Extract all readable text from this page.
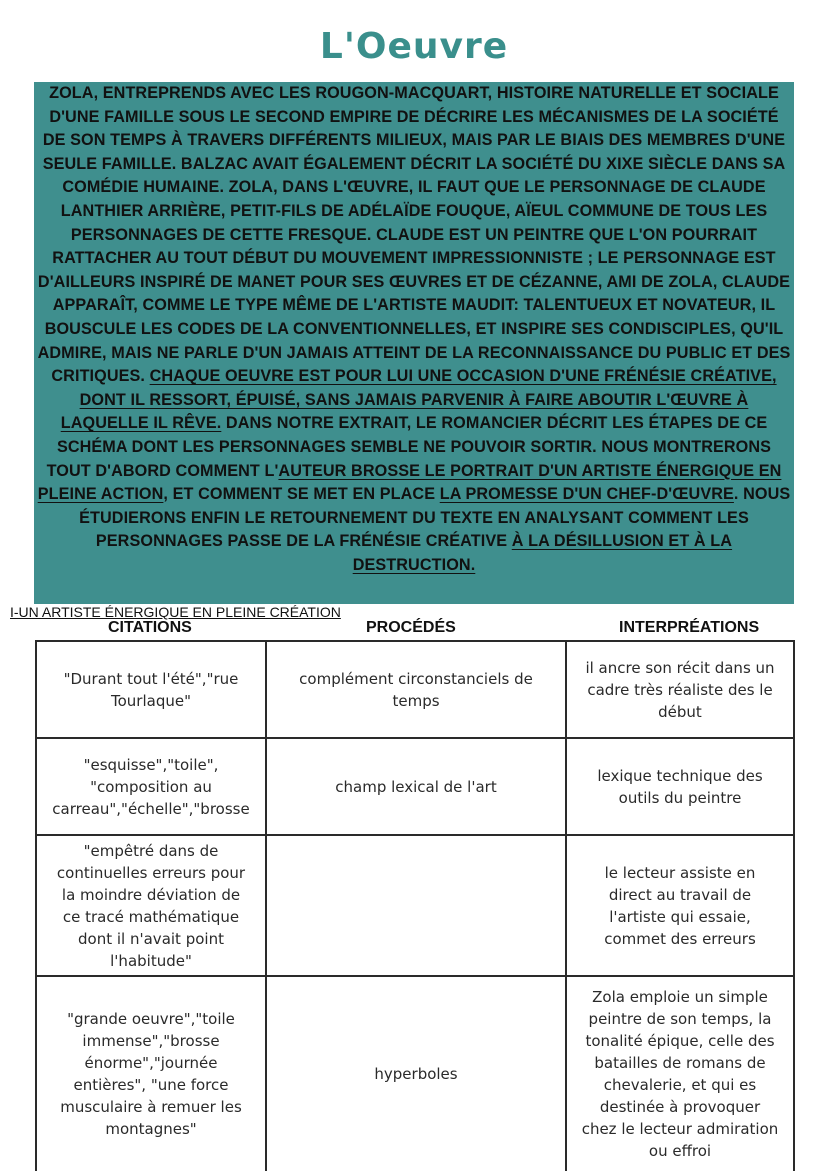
L'Oeuvre
ZOLA, ENTREPRENDS AVEC LES ROUGON-MACQUART, HISTOIRE NATURELLE ET SOCIALE D'UNE FAMILLE SOUS LE SECOND EMPIRE DE DÉCRIRE LES MÉCANISMES DE LA SOCIÉTÉ DE SON TEMPS À TRAVERS DIFFÉRENTS MILIEUX, MAIS PAR LE BIAIS DES MEMBRES D'UNE SEULE FAMILLE. BALZAC AVAIT ÉGALEMENT DÉCRIT LA SOCIÉTÉ DU XIXE SIÈCLE DANS SA COMÉDIE HUMAINE. ZOLA, DANS L'ŒUVRE, IL FAUT QUE LE PERSONNAGE DE CLAUDE LANTHIER ARRIÈRE, PETIT-FILS DE ADÉLAÏDE FOUQUE, AÏEUL COMMUNE DE TOUS LES PERSONNAGES DE CETTE FRESQUE. CLAUDE EST UN PEINTRE QUE L'ON POURRAIT RATTACHER AU TOUT DÉBUT DU MOUVEMENT IMPRESSIONNISTE ; LE PERSONNAGE EST D'AILLEURS INSPIRÉ DE MANET POUR SES ŒUVRES ET DE CÉZANNE, AMI DE ZOLA, CLAUDE APPARAÎT, COMME LE TYPE MÊME DE L'ARTISTE MAUDIT: TALENTUEUX ET NOVATEUR, IL BOUSCULE LES CODES DE LA CONVENTIONNELLES, ET INSPIRE SES CONDISCIPLES, QU'IL ADMIRE, MAIS NE PARLE D'UN JAMAIS ATTEINT DE LA RECONNAISSANCE DU PUBLIC ET DES CRITIQUES. CHAQUE OEUVRE EST POUR LUI UNE OCCASION D'UNE FRÉNÉSIE CRÉATIVE, DONT IL RESSORT, ÉPUISÉ, SANS JAMAIS PARVENIR À FAIRE ABOUTIR L'ŒUVRE À LAQUELLE IL RÊVE. DANS NOTRE EXTRAIT, LE ROMANCIER DÉCRIT LES ÉTAPES DE CE SCHÉMA DONT LES PERSONNAGES SEMBLE NE POUVOIR SORTIR. NOUS MONTRERONS TOUT D'ABORD COMMENT L'AUTEUR BROSSE LE PORTRAIT D'UN ARTISTE ÉNERGIQUE EN PLEINE ACTION, ET COMMENT SE MET EN PLACE LA PROMESSE D'UN CHEF-D'ŒUVRE. NOUS ÉTUDIERONS ENFIN LE RETOURNEMENT DU TEXTE EN ANALYSANT COMMENT LES PERSONNAGES PASSE DE LA FRÉNÉSIE CRÉATIVE À LA DÉSILLUSION ET À LA DESTRUCTION.
I-UN ARTISTE ÉNERGIQUE EN PLEINE CRÉATION
CITATIONS	PROCÉDÉS	INTERPRÉATIONS
"Durant tout l'été","rue Tourlaque"	complément circonstanciels de temps	il ancre son récit dans un cadre très réaliste des le début
"esquisse","toile", "composition au carreau","échelle","brosse	champ lexical de l'art	lexique technique des outils du peintre
"empêtré dans de continuelles erreurs pour la moindre déviation de ce tracé mathématique dont il n'avait point l'habitude"		le lecteur assiste en direct au travail de l'artiste qui essaie, commet des erreurs
"grande oeuvre","toile immense","brosse énorme","journée entières", "une force musculaire à remuer les montagnes"	hyperboles	Zola emploie un simple peintre de son temps, la tonalité épique, celle des batailles de romans de chevalerie, et qui es destinée à provoquer chez le lecteur admiration ou effroi
